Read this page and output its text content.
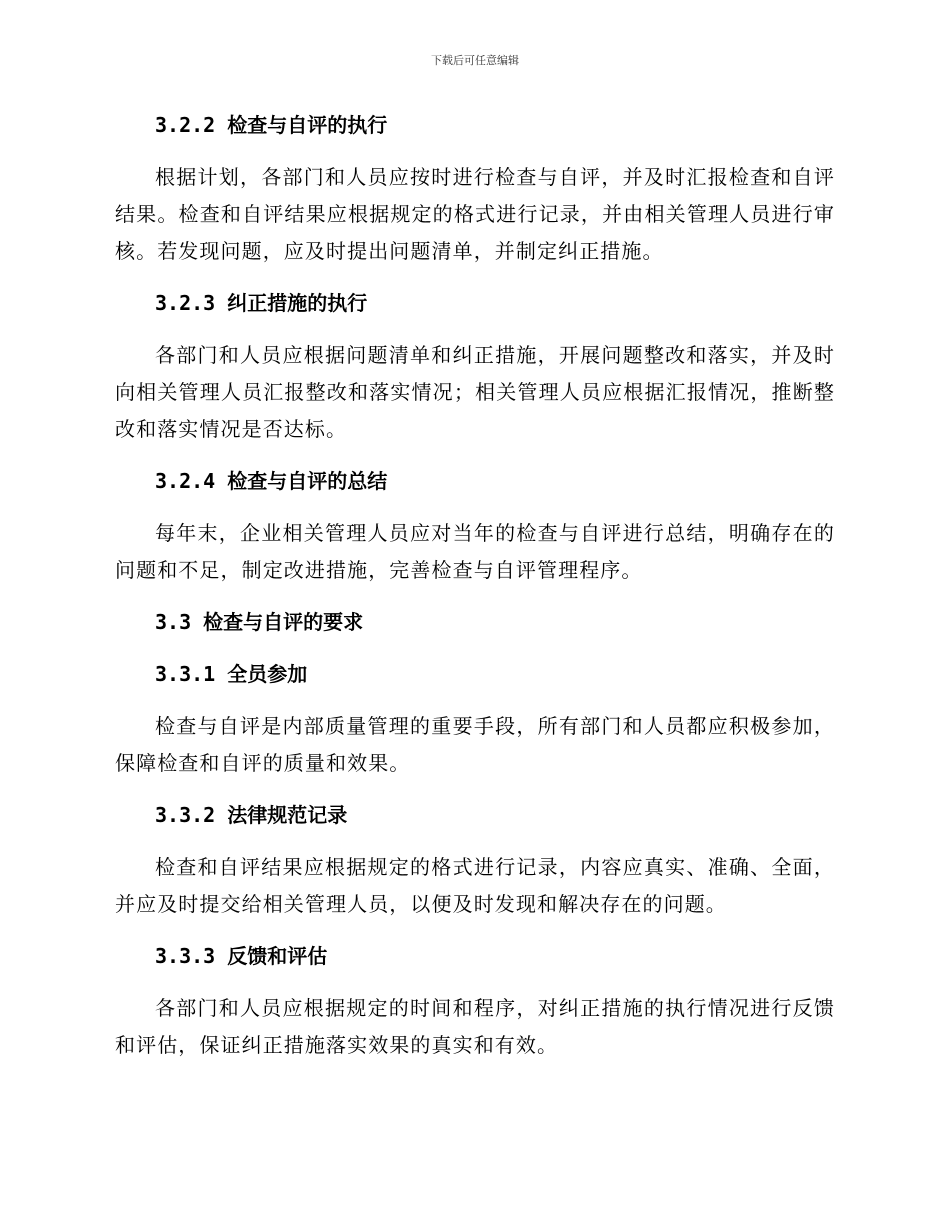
下载后可任意编辑
3.2.2 检查与自评的执行
根据计划，各部门和人员应按时进行检查与自评，并及时汇报检查和自评结果。检查和自评结果应根据规定的格式进行记录，并由相关管理人员进行审核。若发现问题，应及时提出问题清单，并制定纠正措施。
3.2.3 纠正措施的执行
各部门和人员应根据问题清单和纠正措施，开展问题整改和落实，并及时向相关管理人员汇报整改和落实情况；相关管理人员应根据汇报情况，推断整改和落实情况是否达标。
3.2.4 检查与自评的总结
每年末，企业相关管理人员应对当年的检查与自评进行总结，明确存在的问题和不足，制定改进措施，完善检查与自评管理程序。
3.3 检查与自评的要求
3.3.1 全员参加
检查与自评是内部质量管理的重要手段，所有部门和人员都应积极参加，保障检查和自评的质量和效果。
3.3.2 法律规范记录
检查和自评结果应根据规定的格式进行记录，内容应真实、准确、全面，并应及时提交给相关管理人员，以便及时发现和解决存在的问题。
3.3.3 反馈和评估
各部门和人员应根据规定的时间和程序，对纠正措施的执行情况进行反馈和评估，保证纠正措施落实效果的真实和有效。
